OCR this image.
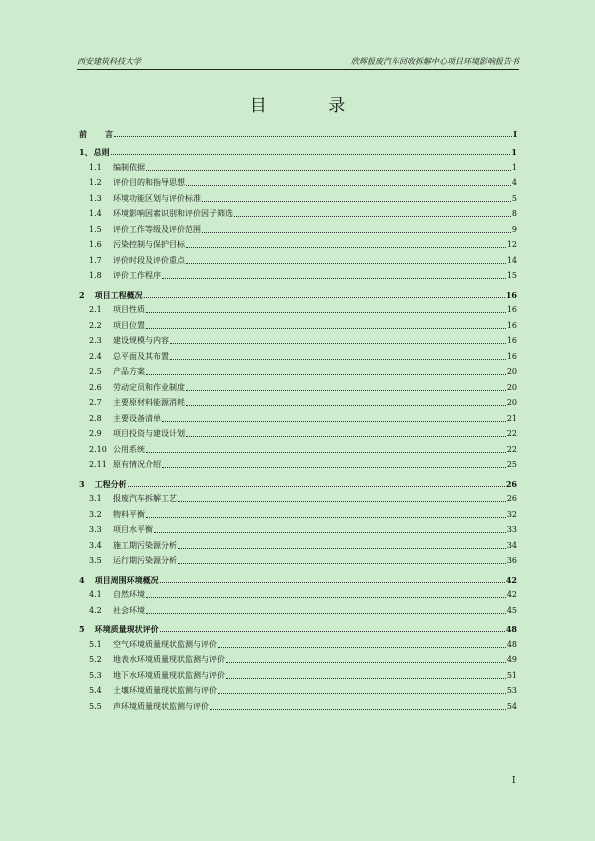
西安建筑科技大学	欣辉报废汽车回收拆解中心项目环境影响报告书
目 录
前 言	I
1、总则	1
1.1 编制依据	1
1.2 评价目的和指导思想	4
1.3 环境功能区划与评价标准	5
1.4 环境影响因素识别和评价因子筛选	8
1.5 评价工作等级及评价范围	9
1.6 污染控制与保护目标	12
1.7 评价时段及评价重点	14
1.8 评价工作程序	15
2 项目工程概况	16
2.1 项目性质	16
2.2 项目位置	16
2.3 建设规模与内容	16
2.4 总平面及其布置	16
2.5 产品方案	20
2.6 劳动定员和作业制度	20
2.7 主要原材料能源消耗	20
2.8 主要设备清单	21
2.9 项目投资与建设计划	22
2.10 公用系统	22
2.11 原有情况介绍	25
3 工程分析	26
3.1 报废汽车拆解工艺	26
3.2 物料平衡	32
3.3 项目水平衡	33
3.4 施工期污染源分析	34
3.5 运行期污染源分析	36
4 项目周围环境概况	42
4.1 自然环境	42
4.2 社会环境	45
5 环境质量现状评价	48
5.1 空气环境质量现状监测与评价	48
5.2 地表水环境质量现状监测与评价	49
5.3 地下水环境质量现状监测与评价	51
5.4 土壤环境质量现状监测与评价	53
5.5 声环境质量现状监测与评价	54
I
